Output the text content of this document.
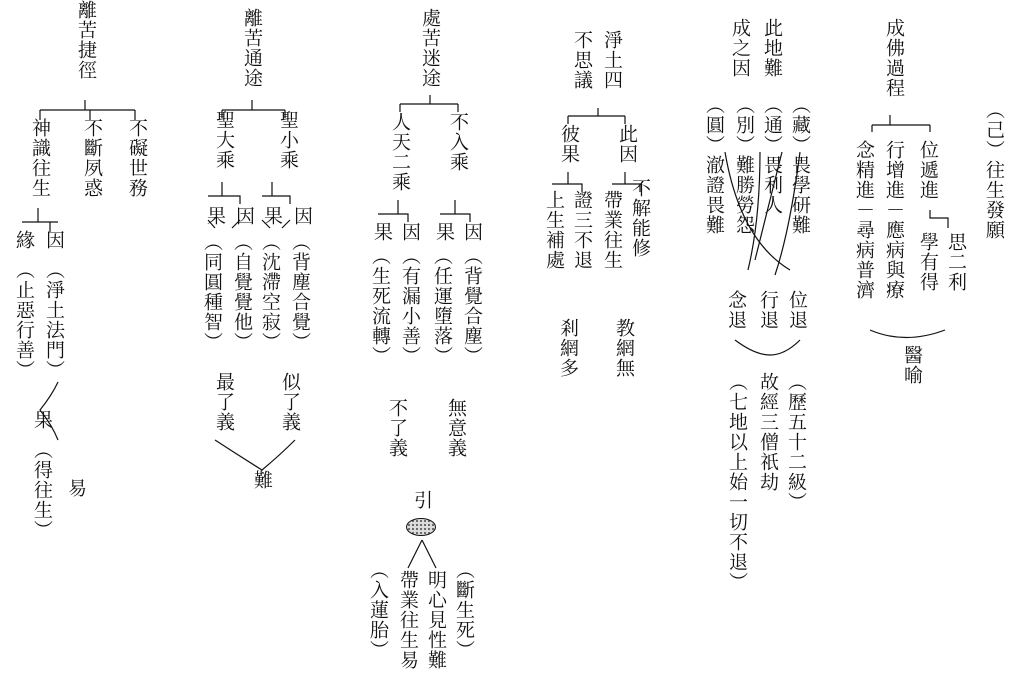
（己）往生發願
成佛過程
位遞進
行增進－應病與療
念精進－尋病普濟 學有得 思二利
醫喻
此地難
成之因
（藏）畏學研難
（通）畏利人
（別）難勝勞怨
（圓）澈證畏難
位退
行退
念退
故經三僧祇劫 （歷五十二級）
（七地以上始一切不退）
淨土四
不思議
此因
彼果
不解能修
帶業往生
證三不退
上生補處
教網無
剎網多
處苦迷途
不入乘
人天二乘
果 因 果 因
（背覺合塵）
（任運墮落）
（有漏小善）
（生死流轉）
無意義
不了義
引
明心見性難
帶業往生易 （斷生死）
（入蓮胎）
離苦通途
聖小乘
聖大乘
果 因 果 因
（背塵合覺）
（沈滯空寂）
（自覺覺他）
（同圓種智）
似了義
最了義
難
離苦捷徑
不礙世務
不斷夙惑
神識往生
緣 因
（淨土法門）
（止惡行善）
果
（得往生） 易
